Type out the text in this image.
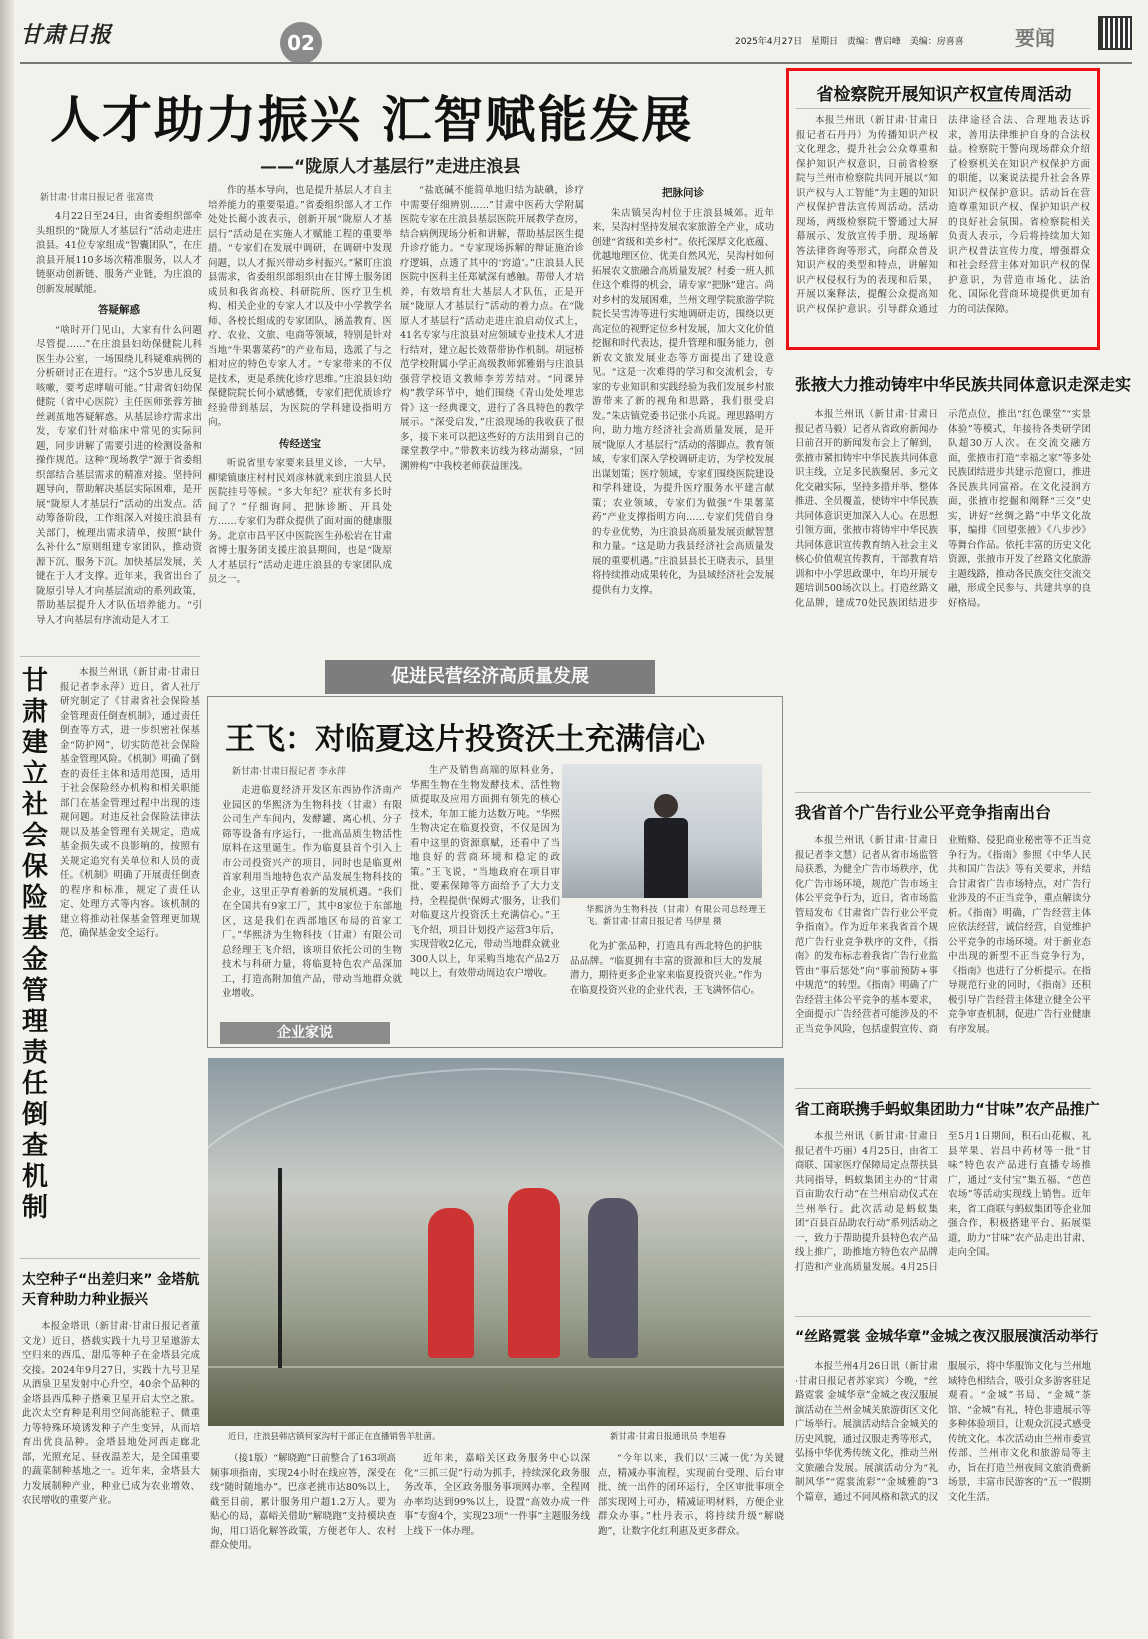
甘肃日报	02	2025年4月27日 星期日 责编：曹启峰 美编：房喜喜	要闻
人才助力振兴 汇智赋能发展
——“陇原人才基层行”走进庄浪县
新甘肃·甘肃日报记者 张富贵

4月22日至24日，由省委组织部牵头组织的“陇原人才基层行”活动走进庄浪县。41位专家组成“智囊团队”，在庄浪县开展110多场次精准服务，以人才链驱动创新链、服务产业链，为庄浪的创新发展赋能。

答疑解惑

“啥时开门见山，大家有什么问题尽管提……”在庄浪县妇幼保健院儿科医生办公室，一场围绕儿科疑难病例的分析研讨正在进行。“这个5岁患儿反复咳嗽，要考虑哮喘可能。”甘肃省妇幼保健院（省中心医院）主任医师张蓉芳抽丝剥茧地答疑解惑。从基层诊疗需求出发，专家们针对临床中常见的实际问题，同步讲解了需要引进的检测设备和操作规范。这种“现场教学”源于省委组织部结合基层需求的精准对接。坚持问题导向，帮助解决基层实际困难，是开展“陇原人才基层行”活动的出发点。活动筹备阶段，工作组深入对接庄浪县有关部门，梳理出需求清单，按照“缺什么补什么”原则组建专家团队，推动资源下沉、服务下沉。加快基层发展，关键在于人才支撑。近年来，我省出台了陇原引导人才向基层流动的系列政策，帮助基层提升人才队伍培养能力。“引导人才向基层有序流动是人才工

作的基本导向，也是提升基层人才自主培养能力的重要渠道。”省委组织部人才工作处处长蔺小波表示，创新开展“陇原人才基层行”活动是在实施人才赋能工程的重要举措。“专家们在发展中调研，在调研中发现问题，以人才振兴带动乡村振兴。”紧盯庄浪县需求，省委组织部组织由在甘博士服务团成员和我省高校、科研院所、医疗卫生机构、相关企业的专家人才以及中小学教学名师、各校长组成的专家团队，涵盖教育、医疗、农业、文旅、电商等领域，特别是针对当地“牛果薯菜药”的产业布局，选派了与之相对应的特色专家人才。“专家带来的不仅是技术，更是系统化诊疗思维。”庄浪县妇幼保健院院长何小斌感慨，专家们把优质诊疗经验带到基层，为医院的学科建设指明方向。

传经送宝

听说省里专家要来县里义诊，一大早，柳梁镇康庄村村民刘彦林就来到庄浪县人民医院挂号等候。“多大年纪？症状有多长时间了？”仔细询问、把脉诊断、开具处方……专家们为群众提供了面对面的健康服务。北京市昌平区中医院医生孙松岩在甘肃省博士服务团支援庄浪县期间，也是“陇原人才基层行”活动走进庄浪县的专家团队成员之一。

“盐底碱不能简单地归结为缺碘，诊疗中需要仔细辨别……”甘肃中医药大学附属医院专家在庄浪县基层医院开展教学查房，结合病例现场分析和讲解，帮助基层医生提升诊疗能力。“专家现场拆解的辩证施治诊疗逻辑，点透了其中的‘窍道’。”庄浪县人民医院中医科主任郑斌深有感触。帮带人才培养，有效培育壮大基层人才队伍，正是开展“陇原人才基层行”活动的着力点。在“陇原人才基层行”活动走进庄浪启动仪式上，41名专家与庄浪县对应领域专业技术人才进行结对，建立起长效帮带协作机制。胡冠桥范学校附属小学正高级教师郭雅娟与庄浪县强营学校语文教师李芳芳结对。“同课异构”教学环节中，她们围绕《青山处处埋忠骨》这一经典课文，进行了各具特色的教学展示。“深受启发，”庄浪现场的我收获了很多，接下来可以把这些好的方法用到自己的课堂教学中。”带教来访线为移动湖泉，“回溯辨构”中我校老师获益匪浅。

把脉问诊

朱店镇吴沟村位于庄浪县城郊。近年来，吴沟村坚持发展农家旅游全产业，成功创建“省级和美乡村”。依托深厚文化底蕴、优越地理区位、优美自然风光，吴沟村如何拓展农文旅融合高质量发展？村委一班人抓住这个难得的机会，请专家“把脉”建言。尚对乡村的发展困难，兰州文理学院旅游学院院长吴雪涛等进行实地调研走访，围绕以更高定位的视野定位乡村发展，加大文化价值挖掘和时代表达，提升管理和服务能力，创新农文旅发展业态等方面提出了建设意见。“这是一次难得的学习和交流机会，专家的专业知识和实践经验为我们发展乡村旅游带来了新的视角和思路，我们很受启发。”朱店镇党委书记张小兵说。理思路明方向，助力地方经济社会高质量发展，是开展“陇原人才基层行”活动的落脚点。教育领域，专家们深入学校调研走访，为学校发展出谋划策；医疗领域，专家们围绕医院建设和学科建设，为提升医疗服务水平建言献策；农业领域，专家们为做强“牛果薯菜药”产业支撑指明方向……专家们凭借自身的专业优势，为庄浪县高质量发展贡献智慧和力量。“这是助力我县经济社会高质量发展的重要机遇。”庄浪县县长王晓表示，县里将持续推动成果转化，为县域经济社会发展提供有力支撑。

省检察院开展知识产权宣传周活动
本报兰州讯（新甘肃·甘肃日报记者石丹丹）为传播知识产权文化理念，提升社会公众尊重和保护知识产权意识，日前省检察院与兰州市检察院共同开展以“知识产权与人工智能”为主题的知识产权保护普法宣传周活动。活动现场，两级检察院干警通过大屏幕展示、发放宣传手册、现场解答法律咨询等形式，向群众普及知识产权的类型和特点，讲解知识产权侵权行为的表现和后果，开展以案释法，提醒公众提高知识产权保护意识。引导群众通过法律途径合法、合理地表达诉求，善用法律维护自身的合法权益。检察院干警向现场群众介绍了检察机关在知识产权保护方面的职能，以案说法提升社会各界知识产权保护意识。活动旨在营造尊重知识产权、保护知识产权的良好社会氛围。省检察院相关负责人表示，今后将持续加大知识产权普法宣传力度，增强群众和社会经营主体对知识产权的保护意识，为营造市场化、法治化、国际化营商环境提供更加有力的司法保障。
张掖大力推动铸牢中华民族共同体意识走深走实
本报兰州讯（新甘肃·甘肃日报记者马毅）记者从省政府新闻办日前召开的新闻发布会上了解到，张掖市紧扣铸牢中华民族共同体意识主线，立足多民族聚居、多元文化交融实际，坚持多措并举、整体推进、全员覆盖，使铸牢中华民族共同体意识更加深入人心。在思想引领方面，张掖市将铸牢中华民族共同体意识宣传教育纳入社会主义核心价值观宣传教育，干部教育培训和中小学思政课中，年均开展专题培训500场次以上。打造丝路文化品牌，建成70处民族团结进步示范点位，推出“红色课堂”“实景体验”等模式，年接待各类研学团队超30万人次。在交流交融方面，张掖市打造“幸福之家”等多处民族团结进步共建示范窗口，推进各民族共同富裕。在文化浸润方面，张掖市挖掘和阐释“三交”史实，讲好“丝绸之路”中华文化故事，编排《回望张掖》《八步沙》等舞台作品。依托丰富的历史文化资源，张掖市开发了丝路文化旅游主题线路，推动各民族交往交流交融，形成全民参与、共建共享的良好格局。
我省首个广告行业公平竞争指南出台
本报兰州讯（新甘肃·甘肃日报记者李文慧）记者从省市场监管局获悉，为健全广告市场秩序，优化广告市场环境，规范广告市场主体公平竞争行为，近日，省市场监管局发布《甘肃省广告行业公平竞争指南》。作为近年来我省首个规范广告行业竞争秩序的文件，《指南》的发布标志着我省广告行业监管由“事后惩处”向“事前预防+事中规范”的转型。《指南》明确了广告经营主体公平竞争的基本要求，全面提示广告经营者可能涉及的不正当竞争风险，包括虚假宣传、商业贿赂、侵犯商业秘密等不正当竞争行为。《指南》参照《中华人民共和国广告法》等有关要求，并结合甘肃省广告市场特点，对广告行业涉及的不正当竞争，重点解读分析。《指南》明确，广告经营主体应依法经营，诚信经营，自觉维护公平竞争的市场环境。对于新业态中出现的新型不正当竞争行为，《指南》也进行了分析提示。在指导规范行业的同时，《指南》还积极引导广告经营主体建立健全公平竞争审查机制，促进广告行业健康有序发展。
省工商联携手蚂蚁集团助力“甘味”农产品推广
本报兰州讯（新甘肃·甘肃日报记者牛巧丽）4月25日，由省工商联、国家医疗保障局定点帮扶县共同指导，蚂蚁集团主办的“甘肃百亩助农行动”在兰州启动仪式在兰州举行。此次活动是蚂蚁集团“百县百品助农行动”系列活动之一，致力于帮助提升县特色农产品线上推广，助推地方特色农产品牌打造和产业高质量发展。4月25日至5月1日期间，积石山花椒、礼县苹果、岩昌中药材等一批“甘味”特色农产品进行直播专场推广，通过“支付宝”集五福、“芭芭农场”等活动实现线上销售。近年来，省工商联与蚂蚁集团等企业加强合作，积极搭建平台、拓展渠道，助力“甘味”农产品走出甘肃、走向全国。
“丝路霓裳 金城华章”金城之夜汉服展演活动举行
本报兰州4月26日讯（新甘肃·甘肃日报记者苏家宾）今晚，“丝路霓裳 金城华章”金城之夜汉服展演活动在兰州金城关旅游街区文化广场举行。展演活动结合金城关的历史风貌，通过汉服走秀等形式，弘扬中华优秀传统文化，推动兰州文旅融合发展。展演活动分为“礼制风华”“霓裳流彩”“金城雅韵”3个篇章，通过不同风格和款式的汉服展示，将中华服饰文化与兰州地域特色相结合，吸引众多游客驻足观看。“金城”书局、“金城”茶馆、“金城”有礼，特色非遗展示等多种体验项目，让观众沉浸式感受传统文化。本次活动由兰州市委宣传部、兰州市文化和旅游局等主办，旨在打造兰州夜间文旅消费新场景，丰富市民游客的“五一”假期文化生活。
甘肃建立社会保险基金管理责任倒查机制
本报兰州讯（新甘肃·甘肃日报记者李永萍）近日，省人社厅研究制定了《甘肃省社会保险基金管理责任倒查机制》，通过责任倒查等方式，进一步织密社保基金“防护网”，切实防范社会保险基金管理风险。《机制》明确了倒查的责任主体和适用范围，适用于社会保险经办机构和相关职能部门在基金管理过程中出现的违规问题。对违反社会保险法律法规以及基金管理有关规定，造成基金损失或不良影响的，按照有关规定追究有关单位和人员的责任。《机制》明确了开展责任倒查的程序和标准，规定了责任认定、处理方式等内容。该机制的建立将推动社保基金管理更加规范，确保基金安全运行。
太空种子“出差归来” 金塔航天育种助力种业振兴
本报金塔讯（新甘肃·甘肃日报记者董文龙）近日，搭载实践十九号卫星遨游太空归来的西瓜、甜瓜等种子在金塔县完成交接。2024年9月27日，实践十九号卫星从酒泉卫星发射中心升空，40余个品种的金塔县西瓜种子搭乘卫星开启太空之旅。此次太空育种是利用空间高能粒子、微重力等特殊环境诱发种子产生变异，从而培育出优良品种。金塔县地处河西走廊北部，光照充足、昼夜温差大，是全国重要的蔬菜制种基地之一。近年来，金塔县大力发展制种产业，种业已成为农业增效、农民增收的重要产业。
促进民营经济高质量发展
王飞：对临夏这片投资沃土充满信心
新甘肃·甘肃日报记者 李永萍
走进临夏经济开发区东西协作济南产业园区的华熙济为生物科技（甘肃）有限公司生产车间内，发酵罐、离心机、分子筛等设备有序运行，一批高品质生物活性原料在这里诞生。作为临夏县首个引入上市公司投资兴产的项目，同时也是临夏州首家利用当地特色农产品发展生物科技的企业，这里正孕育着新的发展机遇。“我们在全国共有9家工厂，其中8家位于东部地区，这是我们在西部地区布局的首家工厂。”华熙济为生物科技（甘肃）有限公司总经理王飞介绍，该项目依托公司的生物技术与科研力量，将临夏特色农产品深加工，打造高附加值产品，带动当地群众就业增收。
生产及销售高端的原料业务，华熙生物在生物发酵技术、活性物质提取及应用方面拥有领先的核心技术，年加工能力达数万吨。“华熙生物决定在临夏投资，不仅是因为看中这里的资源禀赋，还看中了当地良好的营商环境和稳定的政策。”王飞说，“当地政府在项目审批、要素保障等方面给予了大力支持，全程提供‘保姆式’服务，让我们对临夏这片投资沃土充满信心。”王飞介绍，项目计划投产运营3年后，实现营收2亿元，带动当地群众就业300人以上，年采购当地农产品2万吨以上，有效带动周边农户增收。
华熙济为生物科技（甘肃）有限公司总经理王飞。新甘肃·甘肃日报记者 马伊星 摄
化为扩张品种，打造具有西北特色的护肤品品牌。“临夏拥有丰富的资源和巨大的发展潜力，期待更多企业家来临夏投资兴业。”作为在临夏投资兴业的企业代表，王飞满怀信心。
企业家说
近日，庄浪县韩店镇何家沟村干部正在直播销售羊肚菌。	新甘肃·甘肃日报通讯员 李旭春
（接1版）“解晓跑”日前整合了163项高频事项指南，实现24小时在线应答，深受在线“随时随地办”。巴彦老挑市达80%以上，截至目前，累计服务用户超1.2万人。要为贴心的局，嘉峪关借助“解晓跑”支持模块查询，用口语化解答政策，方便老年人、农村群众使用。
近年来，嘉峪关区政务服务中心以深化“三抓三促”行动为抓手，持续深化政务服务改革，全区政务服务事项网办率、全程网办率均达到99%以上，设置“高效办成一件事”专窗4个，实现23项“一件事”主题服务线上线下一体办理。
“今年以来，我们以‘三减一优’为关键点，精减办事流程，实现前台受理、后台审批、统一出件的闭环运行，全区审批事项全部实现网上可办，精减证明材料，方便企业群众办事。”杜丹表示，将持续升级“解晓跑”，让数字化红利惠及更多群众。
